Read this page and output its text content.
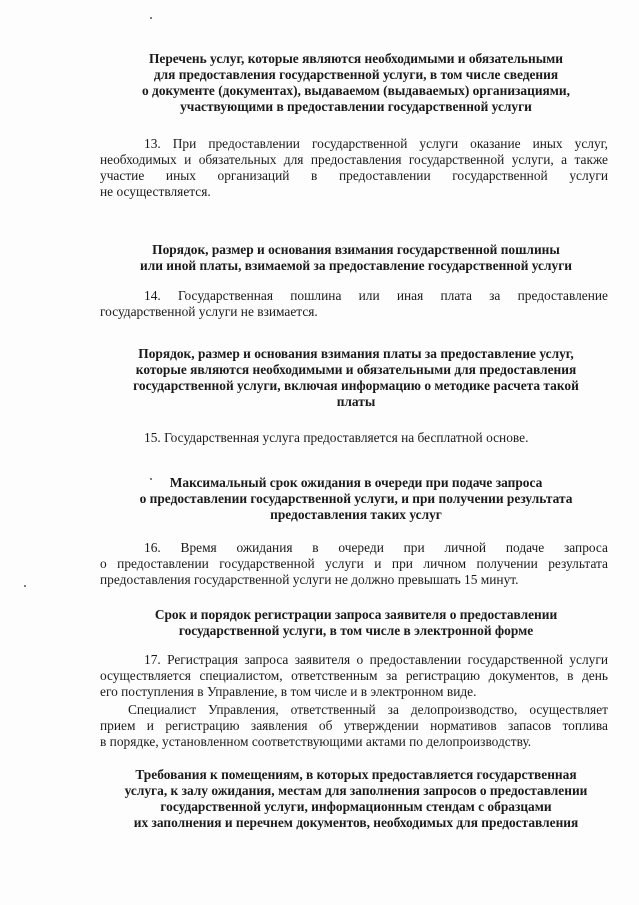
Перечень услуг, которые являются необходимыми и обязательными
для предоставления государственной услуги, в том числе сведения
о документе (документах), выдаваемом (выдаваемых) организациями,
участвующими в предоставлении государственной услуги
13. При предоставлении государственной услуги оказание иных услуг,
необходимых и обязательных для предоставления государственной услуги, а также
участие иных организаций в предоставлении государственной услуги
не осуществляется.
Порядок, размер и основания взимания государственной пошлины
или иной платы, взимаемой за предоставление государственной услуги
14. Государственная пошлина или иная плата за предоставление
государственной услуги не взимается.
Порядок, размер и основания взимания платы за предоставление услуг,
которые являются необходимыми и обязательными для предоставления
государственной услуги, включая информацию о методике расчета такой
платы
15. Государственная услуга предоставляется на бесплатной основе.
Максимальный срок ожидания в очереди при подаче запроса
о предоставлении государственной услуги, и при получении результата
предоставления таких услуг
16. Время ожидания в очереди при личной подаче запроса
о предоставлении государственной услуги и при личном получении результата
предоставления государственной услуги не должно превышать 15 минут.
Срок и порядок регистрации запроса заявителя о предоставлении
государственной услуги, в том числе в электронной форме
17. Регистрация запроса заявителя о предоставлении государственной услуги
осуществляется специалистом, ответственным за регистрацию документов, в день
его поступления в Управление, в том числе и в электронном виде.
Специалист Управления, ответственный за делопроизводство, осуществляет
прием и регистрацию заявления об утверждении нормативов запасов топлива
в порядке, установленном соответствующими актами по делопроизводству.
Требования к помещениям, в которых предоставляется государственная
услуга, к залу ожидания, местам для заполнения запросов о предоставлении
государственной услуги, информационным стендам с образцами
их заполнения и перечнем документов, необходимых для предоставления
